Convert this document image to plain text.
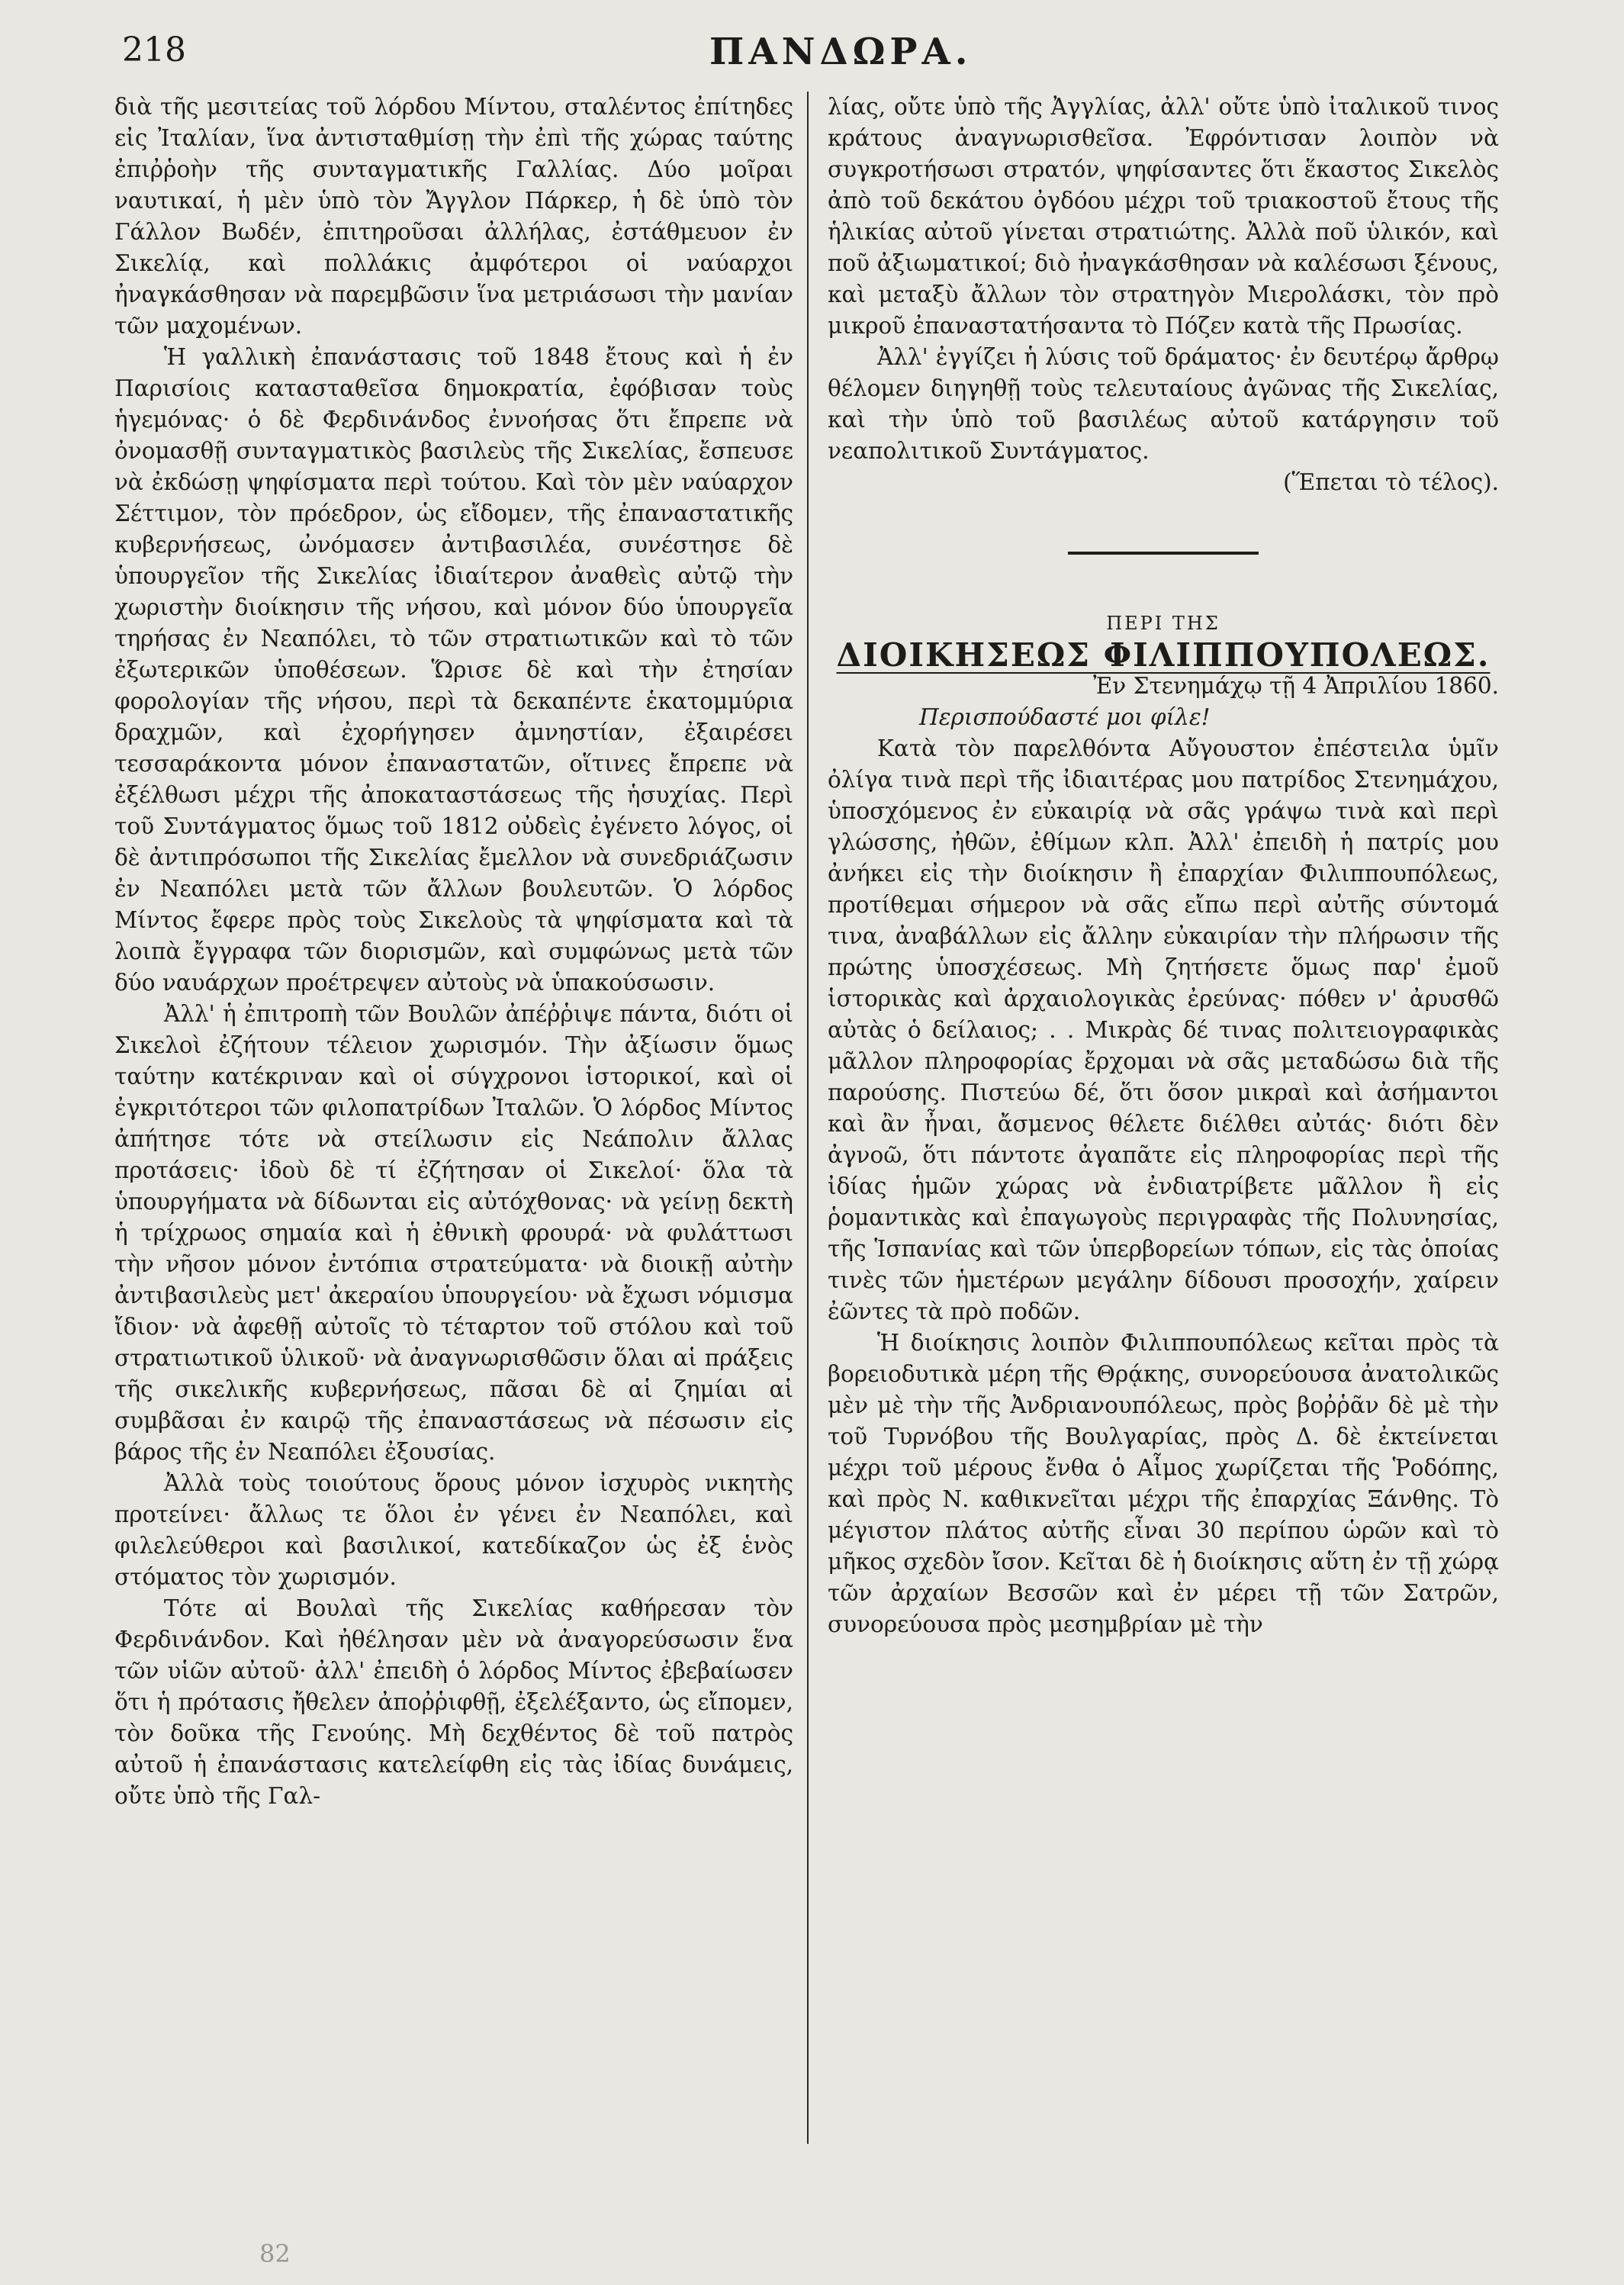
218	ΠΑΝΔΩΡΑ.

διὰ τῆς μεσιτείας τοῦ λόρδου Μίντου, σταλέντος ἐπίτηδες εἰς Ἰταλίαν, ἵνα ἀντισταθμίσῃ τὴν ἐπὶ τῆς χώρας ταύτης ἐπιῤῥοὴν τῆς συνταγματικῆς Γαλλίας. Δύο μοῖραι ναυτικαί, ἡ μὲν ὑπὸ τὸν Ἄγγλον Πάρκερ, ἡ δὲ ὑπὸ τὸν Γάλλον Βωδέν, ἐπιτηροῦσαι ἀλλήλας, ἐστάθμευον ἐν Σικελίᾳ, καὶ πολλάκις ἀμφότεροι οἱ ναύαρχοι ἠναγκάσθησαν νὰ παρεμβῶσιν ἵνα μετριάσωσι τὴν μανίαν τῶν μαχομένων.

Ἡ γαλλικὴ ἐπανάστασις τοῦ 1848 ἔτους καὶ ἡ ἐν Παρισίοις κατασταθεῖσα δημοκρατία, ἐφόβισαν τοὺς ἡγεμόνας· ὁ δὲ Φερδινάνδος ἐννοήσας ὅτι ἔπρεπε νὰ ὀνομασθῇ συνταγματικὸς βασιλεὺς τῆς Σικελίας, ἔσπευσε νὰ ἐκδώσῃ ψηφίσματα περὶ τούτου. Καὶ τὸν μὲν ναύαρχον Σέττιμον, τὸν πρόεδρον, ὡς εἴδομεν, τῆς ἐπαναστατικῆς κυβερνήσεως, ὠνόμασεν ἀντιβασιλέα, συνέστησε δὲ ὑπουργεῖον τῆς Σικελίας ἰδιαίτερον ἀναθεὶς αὐτῷ τὴν χωριστὴν διοίκησιν τῆς νήσου, καὶ μόνον δύο ὑπουργεῖα τηρήσας ἐν Νεαπόλει, τὸ τῶν στρατιωτικῶν καὶ τὸ τῶν ἐξωτερικῶν ὑποθέσεων. Ὥρισε δὲ καὶ τὴν ἐτησίαν φορολογίαν τῆς νήσου, περὶ τὰ δεκαπέντε ἑκατομμύρια δραχμῶν, καὶ ἐχορήγησεν ἀμνηστίαν, ἐξαιρέσει τεσσαράκοντα μόνον ἐπαναστατῶν, οἵτινες ἔπρεπε νὰ ἐξέλθωσι μέχρι τῆς ἀποκαταστάσεως τῆς ἡσυχίας. Περὶ τοῦ Συντάγματος ὅμως τοῦ 1812 οὐδεὶς ἐγένετο λόγος, οἱ δὲ ἀντιπρόσωποι τῆς Σικελίας ἔμελλον νὰ συνεδριάζωσιν ἐν Νεαπόλει μετὰ τῶν ἄλλων βουλευτῶν. Ὁ λόρδος Μίντος ἔφερε πρὸς τοὺς Σικελοὺς τὰ ψηφίσματα καὶ τὰ λοιπὰ ἔγγραφα τῶν διορισμῶν, καὶ συμφώνως μετὰ τῶν δύο ναυάρχων προέτρεψεν αὐτοὺς νὰ ὑπακούσωσιν.

Ἀλλ' ἡ ἐπιτροπὴ τῶν Βουλῶν ἀπέῤῥιψε πάντα, διότι οἱ Σικελοὶ ἐζήτουν τέλειον χωρισμόν. Τὴν ἀξίωσιν ὅμως ταύτην κατέκριναν καὶ οἱ σύγχρονοι ἱστορικοί, καὶ οἱ ἐγκριτότεροι τῶν φιλοπατρίδων Ἰταλῶν. Ὁ λόρδος Μίντος ἀπήτησε τότε νὰ στείλωσιν εἰς Νεάπολιν ἄλλας προτάσεις· ἰδοὺ δὲ τί ἐζήτησαν οἱ Σικελοί· ὅλα τὰ ὑπουργήματα νὰ δίδωνται εἰς αὐτόχθονας· νὰ γείνῃ δεκτὴ ἡ τρίχρωος σημαία καὶ ἡ ἐθνικὴ φρουρά· νὰ φυλάττωσι τὴν νῆσον μόνον ἐντόπια στρατεύματα· νὰ διοικῇ αὐτὴν ἀντιβασιλεὺς μετ' ἀκεραίου ὑπουργείου· νὰ ἔχωσι νόμισμα ἴδιον· νὰ ἀφεθῇ αὐτοῖς τὸ τέταρτον τοῦ στόλου καὶ τοῦ στρατιωτικοῦ ὑλικοῦ· νὰ ἀναγνωρισθῶσιν ὅλαι αἱ πράξεις τῆς σικελικῆς κυβερνήσεως, πᾶσαι δὲ αἱ ζημίαι αἱ συμβᾶσαι ἐν καιρῷ τῆς ἐπαναστάσεως νὰ πέσωσιν εἰς βάρος τῆς ἐν Νεαπόλει ἐξουσίας.

Ἀλλὰ τοὺς τοιούτους ὅρους μόνον ἰσχυρὸς νικητὴς προτείνει· ἄλλως τε ὅλοι ἐν γένει ἐν Νεαπόλει, καὶ φιλελεύθεροι καὶ βασιλικοί, κατεδίκαζον ὡς ἐξ ἑνὸς στόματος τὸν χωρισμόν.

Τότε αἱ Βουλαὶ τῆς Σικελίας καθήρεσαν τὸν Φερδινάνδον. Καὶ ἠθέλησαν μὲν νὰ ἀναγορεύσωσιν ἕνα τῶν υἱῶν αὐτοῦ· ἀλλ' ἐπειδὴ ὁ λόρδος Μίντος ἐβεβαίωσεν ὅτι ἡ πρότασις ἤθελεν ἀποῤῥιφθῇ, ἐξελέξαντο, ὡς εἴπομεν, τὸν δοῦκα τῆς Γενούης. Μὴ δεχθέντος δὲ τοῦ πατρὸς αὐτοῦ ἡ ἐπανάστασις κατελείφθη εἰς τὰς ἰδίας δυνάμεις, οὔτε ὑπὸ τῆς Γαλ-

λίας, οὔτε ὑπὸ τῆς Ἀγγλίας, ἀλλ' οὔτε ὑπὸ ἰταλικοῦ τινος κράτους ἀναγνωρισθεῖσα. Ἐφρόντισαν λοιπὸν νὰ συγκροτήσωσι στρατόν, ψηφίσαντες ὅτι ἕκαστος Σικελὸς ἀπὸ τοῦ δεκάτου ὀγδόου μέχρι τοῦ τριακοστοῦ ἔτους τῆς ἡλικίας αὐτοῦ γίνεται στρατιώτης. Ἀλλὰ ποῦ ὑλικόν, καὶ ποῦ ἀξιωματικοί; διὸ ἠναγκάσθησαν νὰ καλέσωσι ξένους, καὶ μεταξὺ ἄλλων τὸν στρατηγὸν Μιερολάσκι, τὸν πρὸ μικροῦ ἐπαναστατήσαντα τὸ Πόζεν κατὰ τῆς Πρωσίας.

Ἀλλ' ἐγγίζει ἡ λύσις τοῦ δράματος· ἐν δευτέρῳ ἄρθρῳ θέλομεν διηγηθῇ τοὺς τελευταίους ἀγῶνας τῆς Σικελίας, καὶ τὴν ὑπὸ τοῦ βασιλέως αὐτοῦ κατάργησιν τοῦ νεαπολιτικοῦ Συντάγματος.

(Ἕπεται τὸ τέλος).

ΠΕΡΙ ΤΗΣ

ΔΙΟΙΚΗΣΕΩΣ ΦΙΛΙΠΠΟΥΠΟΛΕΩΣ.

Ἐν Στενημάχῳ τῇ 4 Ἀπριλίου 1860.

Περισπούδαστέ μοι φίλε!

Κατὰ τὸν παρελθόντα Αὔγουστον ἐπέστειλα ὑμῖν ὀλίγα τινὰ περὶ τῆς ἰδιαιτέρας μου πατρίδος Στενημάχου, ὑποσχόμενος ἐν εὐκαιρίᾳ νὰ σᾶς γράψω τινὰ καὶ περὶ γλώσσης, ἠθῶν, ἐθίμων κλπ. Ἀλλ' ἐπειδὴ ἡ πατρίς μου ἀνήκει εἰς τὴν διοίκησιν ἢ ἐπαρχίαν Φιλιππουπόλεως, προτίθεμαι σήμερον νὰ σᾶς εἴπω περὶ αὐτῆς σύντομά τινα, ἀναβάλλων εἰς ἄλλην εὐκαιρίαν τὴν πλήρωσιν τῆς πρώτης ὑποσχέσεως. Μὴ ζητήσετε ὅμως παρ' ἐμοῦ ἱστορικὰς καὶ ἀρχαιολογικὰς ἐρεύνας· πόθεν ν' ἀρυσθῶ αὐτὰς ὁ δείλαιος; . . Μικρὰς δέ τινας πολιτειογραφικὰς μᾶλλον πληροφορίας ἔρχομαι νὰ σᾶς μεταδώσω διὰ τῆς παρούσης. Πιστεύω δέ, ὅτι ὅσον μικραὶ καὶ ἀσήμαντοι καὶ ἂν ἦναι, ἄσμενος θέλετε διέλθει αὐτάς· διότι δὲν ἀγνοῶ, ὅτι πάντοτε ἀγαπᾶτε εἰς πληροφορίας περὶ τῆς ἰδίας ἡμῶν χώρας νὰ ἐνδιατρίβετε μᾶλλον ἢ εἰς ῥομαντικὰς καὶ ἐπαγωγοὺς περιγραφὰς τῆς Πολυνησίας, τῆς Ἱσπανίας καὶ τῶν ὑπερβορείων τόπων, εἰς τὰς ὁποίας τινὲς τῶν ἡμετέρων μεγάλην δίδουσι προσοχήν, χαίρειν ἐῶντες τὰ πρὸ ποδῶν.

Ἡ διοίκησις λοιπὸν Φιλιππουπόλεως κεῖται πρὸς τὰ βορειοδυτικὰ μέρη τῆς Θρᾴκης, συνορεύουσα ἀνατολικῶς μὲν μὲ τὴν τῆς Ἀνδριανουπόλεως, πρὸς βοῤῥᾶν δὲ μὲ τὴν τοῦ Τυρνόβου τῆς Βουλγαρίας, πρὸς Δ. δὲ ἐκτείνεται μέχρι τοῦ μέρους ἔνθα ὁ Αἷμος χωρίζεται τῆς Ῥοδόπης, καὶ πρὸς Ν. καθικνεῖται μέχρι τῆς ἐπαρχίας Ξάνθης. Τὸ μέγιστον πλάτος αὐτῆς εἶναι 30 περίπου ὡρῶν καὶ τὸ μῆκος σχεδὸν ἴσον. Κεῖται δὲ ἡ διοίκησις αὕτη ἐν τῇ χώρᾳ τῶν ἀρχαίων Βεσσῶν καὶ ἐν μέρει τῇ τῶν Σατρῶν, συνορεύουσα πρὸς μεσημβρίαν μὲ τὴν

82
